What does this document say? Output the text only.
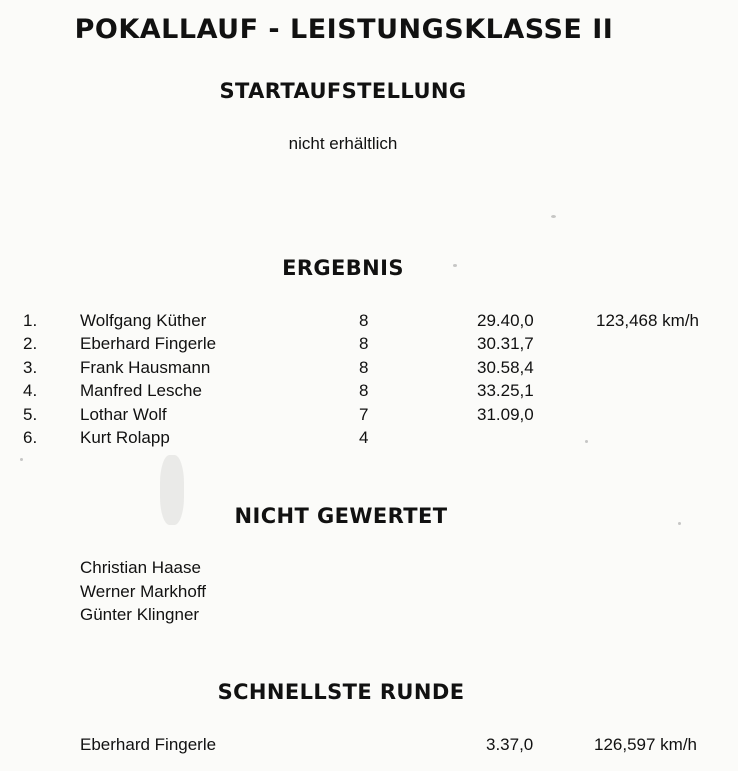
POKALLAUF - LEISTUNGSKLASSE II
STARTAUFSTELLUNG
nicht erhältlich
ERGEBNIS
1.	Wolfgang Küther	8	29.40,0	123,468 km/h
2.	Eberhard Fingerle	8	30.31,7
3.	Frank Hausmann	8	30.58,4
4.	Manfred Lesche	8	33.25,1
5.	Lothar Wolf	7	31.09,0
6.	Kurt Rolapp	4
NICHT GEWERTET
Christian Haase
Werner Markhoff
Günter Klingner
SCHNELLSTE RUNDE
Eberhard Fingerle	3.37,0	126,597 km/h
